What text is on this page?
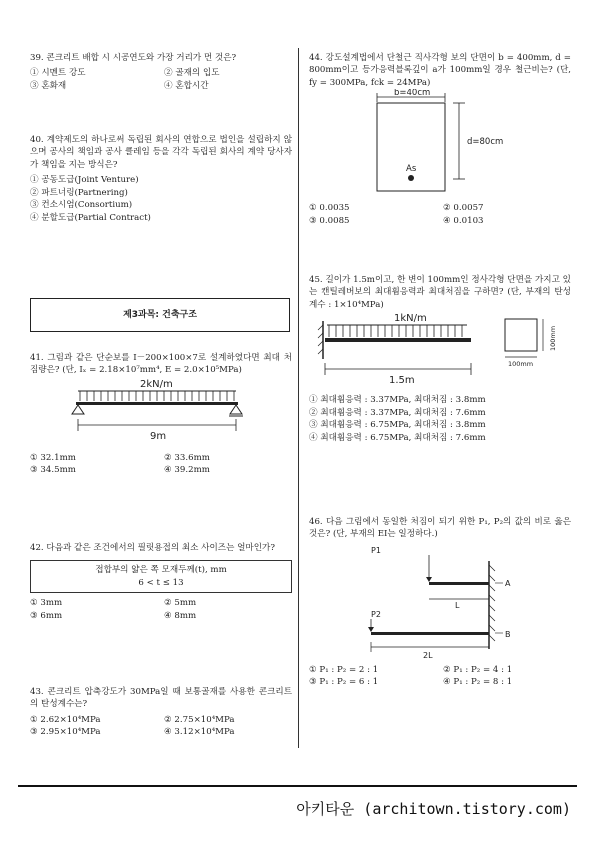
39. 콘크리트 배합 시 시공연도와 가장 거리가 먼 것은?

① 시멘트 강도	② 골재의 입도
③ 혼화재	④ 혼합시간

40. 계약제도의 하나로써 독립된 회사의 연합으로 법인을 설립하지 않으며 공사의 책임과 공사 클레임 등을 각각 독립된 회사의 계약 당사자가 책임을 지는 방식은?

① 공동도급(Joint Venture)
② 파트너링(Partnering)
③ 컨소시엄(Consortium)
④ 분할도급(Partial Contract)
제3과목: 건축구조

41. 그림과 같은 단순보를 I－200×100×7로 설계하였다면 최대 처짐량은? (단, Iₓ = 2.18×10⁷mm⁴, E = 2.0×10⁵MPa)

2kN/m
9m
① 32.1mm	② 33.6mm
③ 34.5mm	④ 39.2mm

42. 다음과 같은 조건에서의 필릿용접의 최소 사이즈는 얼마인가?

접합부의 얇은 쪽 모재두께(t), mm
6 < t ≤ 13
① 3mm	② 5mm
③ 6mm	④ 8mm

43. 콘크리트 압축강도가 30MPa일 때 보통골재를 사용한 콘크리트의 탄성계수는?

① 2.62×10⁴MPa	② 2.75×10⁴MPa
③ 2.95×10⁴MPa	④ 3.12×10⁴MPa

44. 강도설계법에서 단철근 직사각형 보의 단면이 b = 400mm, d = 800mm이고 등가응력블록깊이 a가 100mm일 경우 철근비는? (단, fy = 300MPa, fck = 24MPa)

b=40cm
d=80cm
As
① 0.0035	② 0.0057
③ 0.0085	④ 0.0103

45. 길이가 1.5m이고, 한 변이 100mm인 정사각형 단면을 가지고 있는 캔틸레버보의 최대휨응력과 최대처짐을 구하면? (단, 부재의 탄성계수 : 1×10⁴MPa)

1kN/m
1.5m
100mm
100mm
① 최대휨응력 : 3.37MPa, 최대처짐 : 3.8mm
② 최대휨응력 : 3.37MPa, 최대처짐 : 7.6mm
③ 최대휨응력 : 6.75MPa, 최대처짐 : 3.8mm
④ 최대휨응력 : 6.75MPa, 최대처짐 : 7.6mm

46. 다음 그림에서 동일한 처짐이 되기 위한 P₁, P₂의 값의 비로 옳은 것은? (단, 부재의 EI는 일정하다.)

P1
A
L
P2
B
2L
① P₁ : P₂ = 2 : 1	② P₁ : P₂ = 4 : 1
③ P₁ : P₂ = 6 : 1	④ P₁ : P₂ = 8 : 1
아키타운 (architown.tistory.com)
